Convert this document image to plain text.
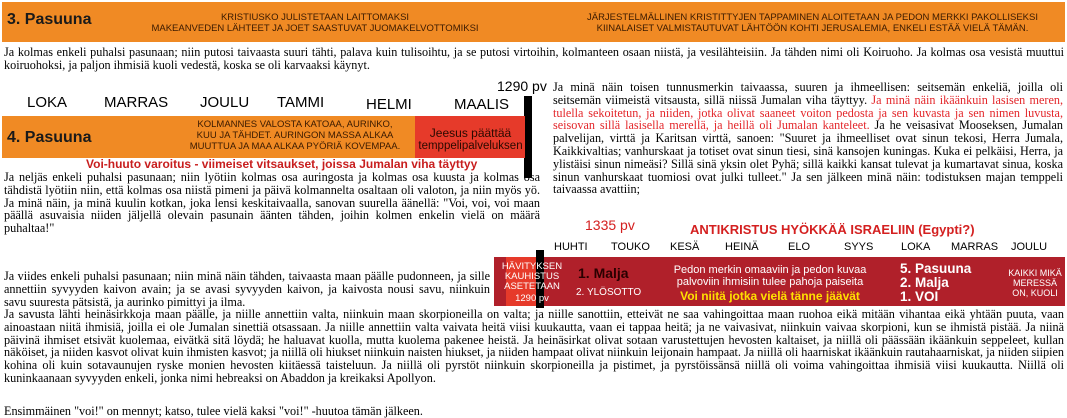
3. Pasuuna	KRISTIUSKO JULISTETAAN LAITTOMAKSI
MAKEANVEDEN LÄHTEET JA JOET SAASTUVAT JUOMAKELVOTTOMIKSI
JÄRJESTELMÄLLINEN KRISTITTYJEN TAPPAMINEN ALOITETAAN JA PEDON MERKKI PAKOLLISEKSI
KIINALAISET VALMISTAUTUVAT LÄHTÖÖN KOHTI JERUSALEMIA, ENKELI ESTÄÄ VIELÄ TÄMÄN.
Ja kolmas enkeli puhalsi pasunaan; niin putosi taivaasta suuri tähti, palava kuin tulisoihtu, ja se putosi virtoihin, kolmanteen osaan niistä, ja vesilähteisiin. Ja tähden nimi oli Koiruoho. Ja kolmas osa vesistä muuttui koiruohoksi, ja paljon ihmisiä kuoli vedestä, koska se oli karvaaksi käynyt.
1290 pv
LOKA MARRAS JOULU TAMMI	HELMI	MAALIS
4. Pasuuna
KOLMANNES VALOSTA KATOAA, AURINKO,
KUU JA TÄHDET. AURINGON MASSA ALKAA
MUUTTUA JA MAA ALKAA PYÖRIÄ KOVEMPAA.
Jeesus päättää
temppelipalveluksen
Voi-huuto varoitus - viimeiset vitsaukset, joissa Jumalan viha täyttyy
Ja neljäs enkeli puhalsi pasunaan; niin lyötiin kolmas osa auringosta ja kolmas osa kuusta ja kolmas osa tähdistä lyötiin niin, että kolmas osa niistä pimeni ja päivä kolmannelta osaltaan oli valoton, ja niin myös yö. Ja minä näin, ja minä kuulin kotkan, joka lensi keskitaivaalla, sanovan suurella äänellä: "Voi, voi, voi maan päällä asuvaisia niiden jäljellä olevain pasunain äänten tähden, joihin kolmen enkelin vielä on määrä puhaltaa!"
Ja minä näin toisen tunnusmerkin taivaassa, suuren ja ihmeellisen: seitsemän enkeliä, joilla oli seitsemän viimeistä vitsausta, sillä niissä Jumalan viha täyttyy. Ja minä näin ikäänkuin lasisen meren, tulella sekoitetun, ja niiden, jotka olivat saaneet voiton pedosta ja sen kuvasta ja sen nimen luvusta, seisovan sillä lasisella merellä, ja heillä oli Jumalan kanteleet. Ja he veisasivat Mooseksen, Jumalan palvelijan, virttä ja Karitsan virttä, sanoen: "Suuret ja ihmeelliset ovat sinun tekosi, Herra Jumala, Kaikkivaltias; vanhurskaat ja totiset ovat sinun tiesi, sinä kansojen kuningas. Kuka ei pelkäisi, Herra, ja ylistäisi sinun nimeäsi? Sillä sinä yksin olet Pyhä; sillä kaikki kansat tulevat ja kumartavat sinua, koska sinun vanhurskaat tuomiosi ovat julki tulleet." Ja sen jälkeen minä näin: todistuksen majan temppeli taivaassa avattiin;
1335 pv	ANTIKRISTUS HYÖKKÄÄ ISRAELIIN (Egypti?)
HUHTI TOUKO KESÄ HEINÄ	ELO	SYYS	LOKA MARRAS JOULU
HÄVITYKSEN
KAUHISTUS
ASETETAAN
1290 pv
1. Malja
2. YLÖSOTTO
Pedon merkin omaaviin ja pedon kuvaa
palvoviin ihmisiin tulee pahoja paiseita
Voi niitä jotka vielä tänne jäävät
5. Pasuuna
2. Malja
1. VOI
KAIKKI MIKÄ
MERESSÄ
ON, KUOLI
Ja viides enkeli puhalsi pasunaan; niin minä näin tähden, taivaasta maan päälle pudonneen, ja sille annettiin syvyyden kaivon avain; ja se avasi syvyyden kaivon, ja kaivosta nousi savu, niinkuin savu suuresta pätsistä, ja aurinko pimittyi ja ilma.
Ja savusta lähti heinäsirkkoja maan päälle, ja niille annettiin valta, niinkuin maan skorpioneilla on valta; ja niille sanottiin, etteivät ne saa vahingoittaa maan ruohoa eikä mitään vihantaa eikä yhtään puuta, vaan ainoastaan niitä ihmisiä, joilla ei ole Jumalan sinettiä otsassaan. Ja niille annettiin valta vaivata heitä viisi kuukautta, vaan ei tappaa heitä; ja ne vaivasivat, niinkuin vaivaa skorpioni, kun se ihmistä pistää. Ja niinä päivinä ihmiset etsivät kuolemaa, eivätkä sitä löydä; he haluavat kuolla, mutta kuolema pakenee heistä. Ja heinäsirkat olivat sotaan varustettujen hevosten kaltaiset, ja niillä oli päässään ikäänkuin seppeleet, kullan näköiset, ja niiden kasvot olivat kuin ihmisten kasvot; ja niillä oli hiukset niinkuin naisten hiukset, ja niiden hampaat olivat niinkuin leijonain hampaat. Ja niillä oli haarniskat ikäänkuin rautahaarniskat, ja niiden siipien kohina oli kuin sotavaunujen ryske monien hevosten kiitäessä taisteluun. Ja niillä oli pyrstöt niinkuin skorpioneilla ja pistimet, ja pyrstöissänsä niillä oli voima vahingoittaa ihmisiä viisi kuukautta. Niillä oli kuninkaanaan syvyyden enkeli, jonka nimi hebreaksi on Abaddon ja kreikaksi Apollyon.
Ensimmäinen "voi!" on mennyt; katso, tulee vielä kaksi "voi!" -huutoa tämän jälkeen.
